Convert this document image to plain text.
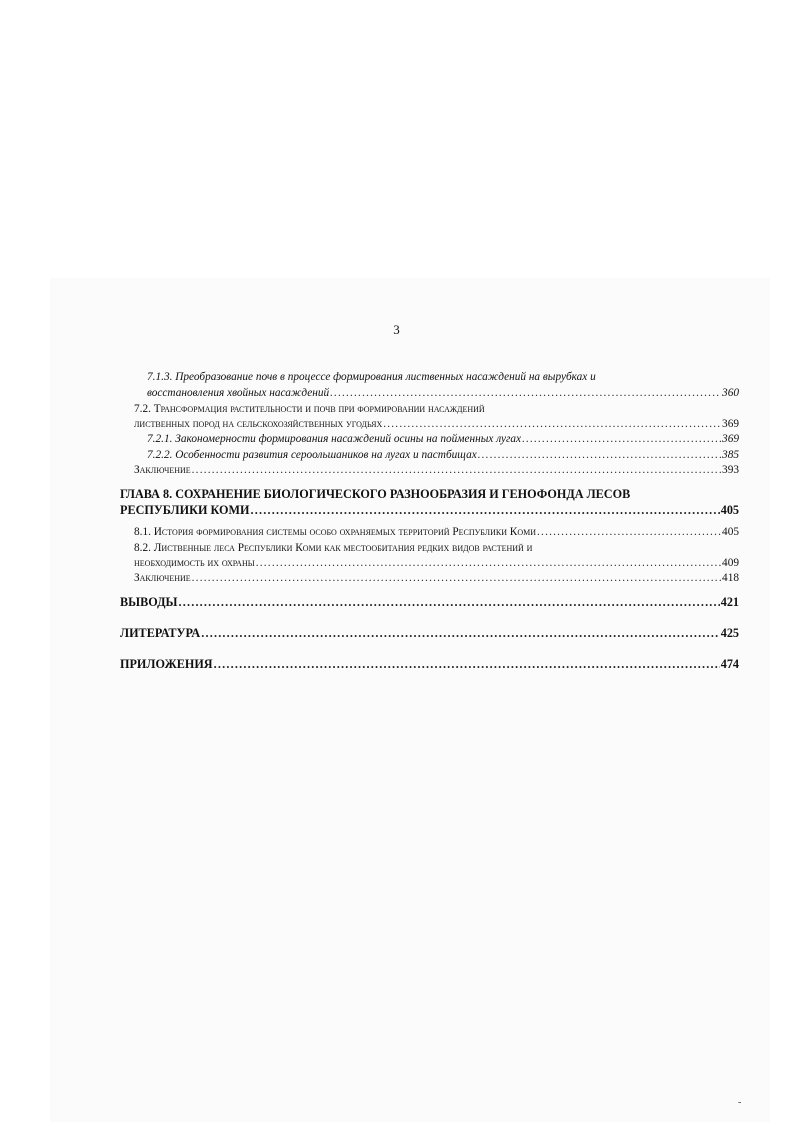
3
7.1.3. Преобразование почв в процессе формирования лиственных насаждений на вырубках и
восстановления хвойных насаждений .....	360
7.2. Трансформация растительности и почв при формировании насаждений
лиственных пород на сельскохозяйственных угодьях .....	369
7.2.1. Закономерности формирования насаждений осины на пойменных лугах .....	369
7.2.2. Особенности развития сероольшаников на лугах и пастбищах .....	385
Заключение .....	393
ГЛАВА 8. СОХРАНЕНИЕ БИОЛОГИЧЕСКОГО РАЗНООБРАЗИЯ И ГЕНОФОНДА ЛЕСОВ
РЕСПУБЛИКИ КОМИ .....	405
8.1. История формирования системы особо охраняемых территорий Республики Коми .....	405
8.2. Лиственные леса Республики Коми как местообитания редких видов растений и
необходимость их охраны .....	409
Заключение .....	418
ВЫВОДЫ .....	421
ЛИТЕРАТУРА .....	425
ПРИЛОЖЕНИЯ .....	474
-
